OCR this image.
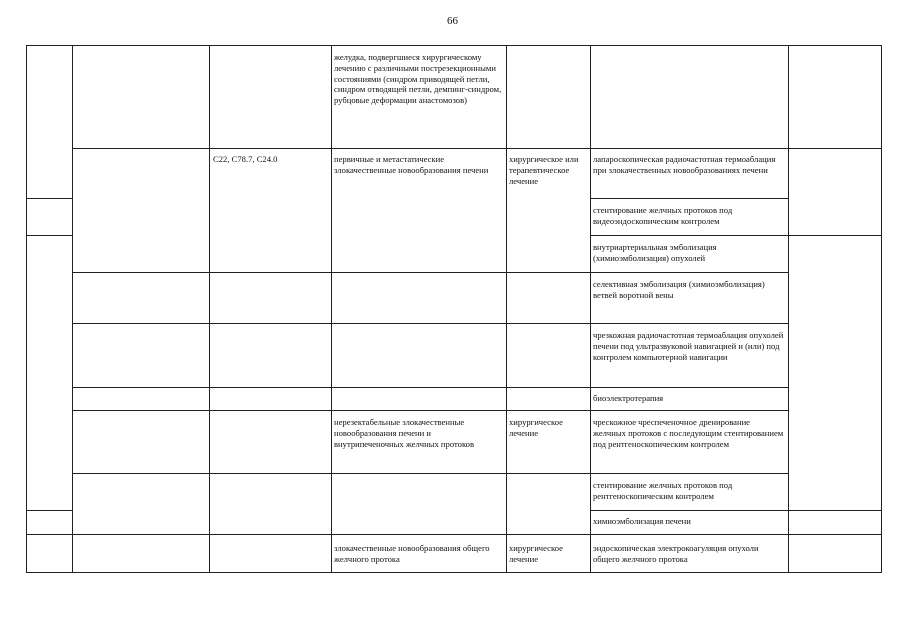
66

желудка, подвергшиеся хирургическому лечению с различными пострезекционными состояниями (синдром приводящей петли, синдром отводящей петли, демпинг-синдром, рубцовые деформации анастомозов)

C22, C78.7, C24.0	первичные и метастатические злокачественные новообразования печени

хирургическое или терапевтическое лечение

лапароскопическая радиочастотная термоаблация при злокачественных новообразованиях печени

стентирование желчных протоков под видеоэндоскопическим контролем

внутриартериальная эмболизация (химиоэмболизация) опухолей

селективная эмболизация (химиоэмболизация) ветвей воротной вены

чрезкожная радиочастотная термоаблация опухолей печени под ультразвуковой навигацией и (или) под контролем компьютерной навигации

биоэлектротерапия

нерезектабельные злокачественные новообразования печени и внутрипеченочных желчных протоков

хирургическое лечение

чрескожное чреспеченочное дренирование желчных протоков с последующим стентированием под рентгеноскопическим контролем

стентирование желчных протоков под рентгеноскопическим контролем

химиоэмболизация печени

злокачественные новообразования общего желчного протока

хирургическое лечение

эндоскопическая электрокоагуляция опухоли общего желчного протока
